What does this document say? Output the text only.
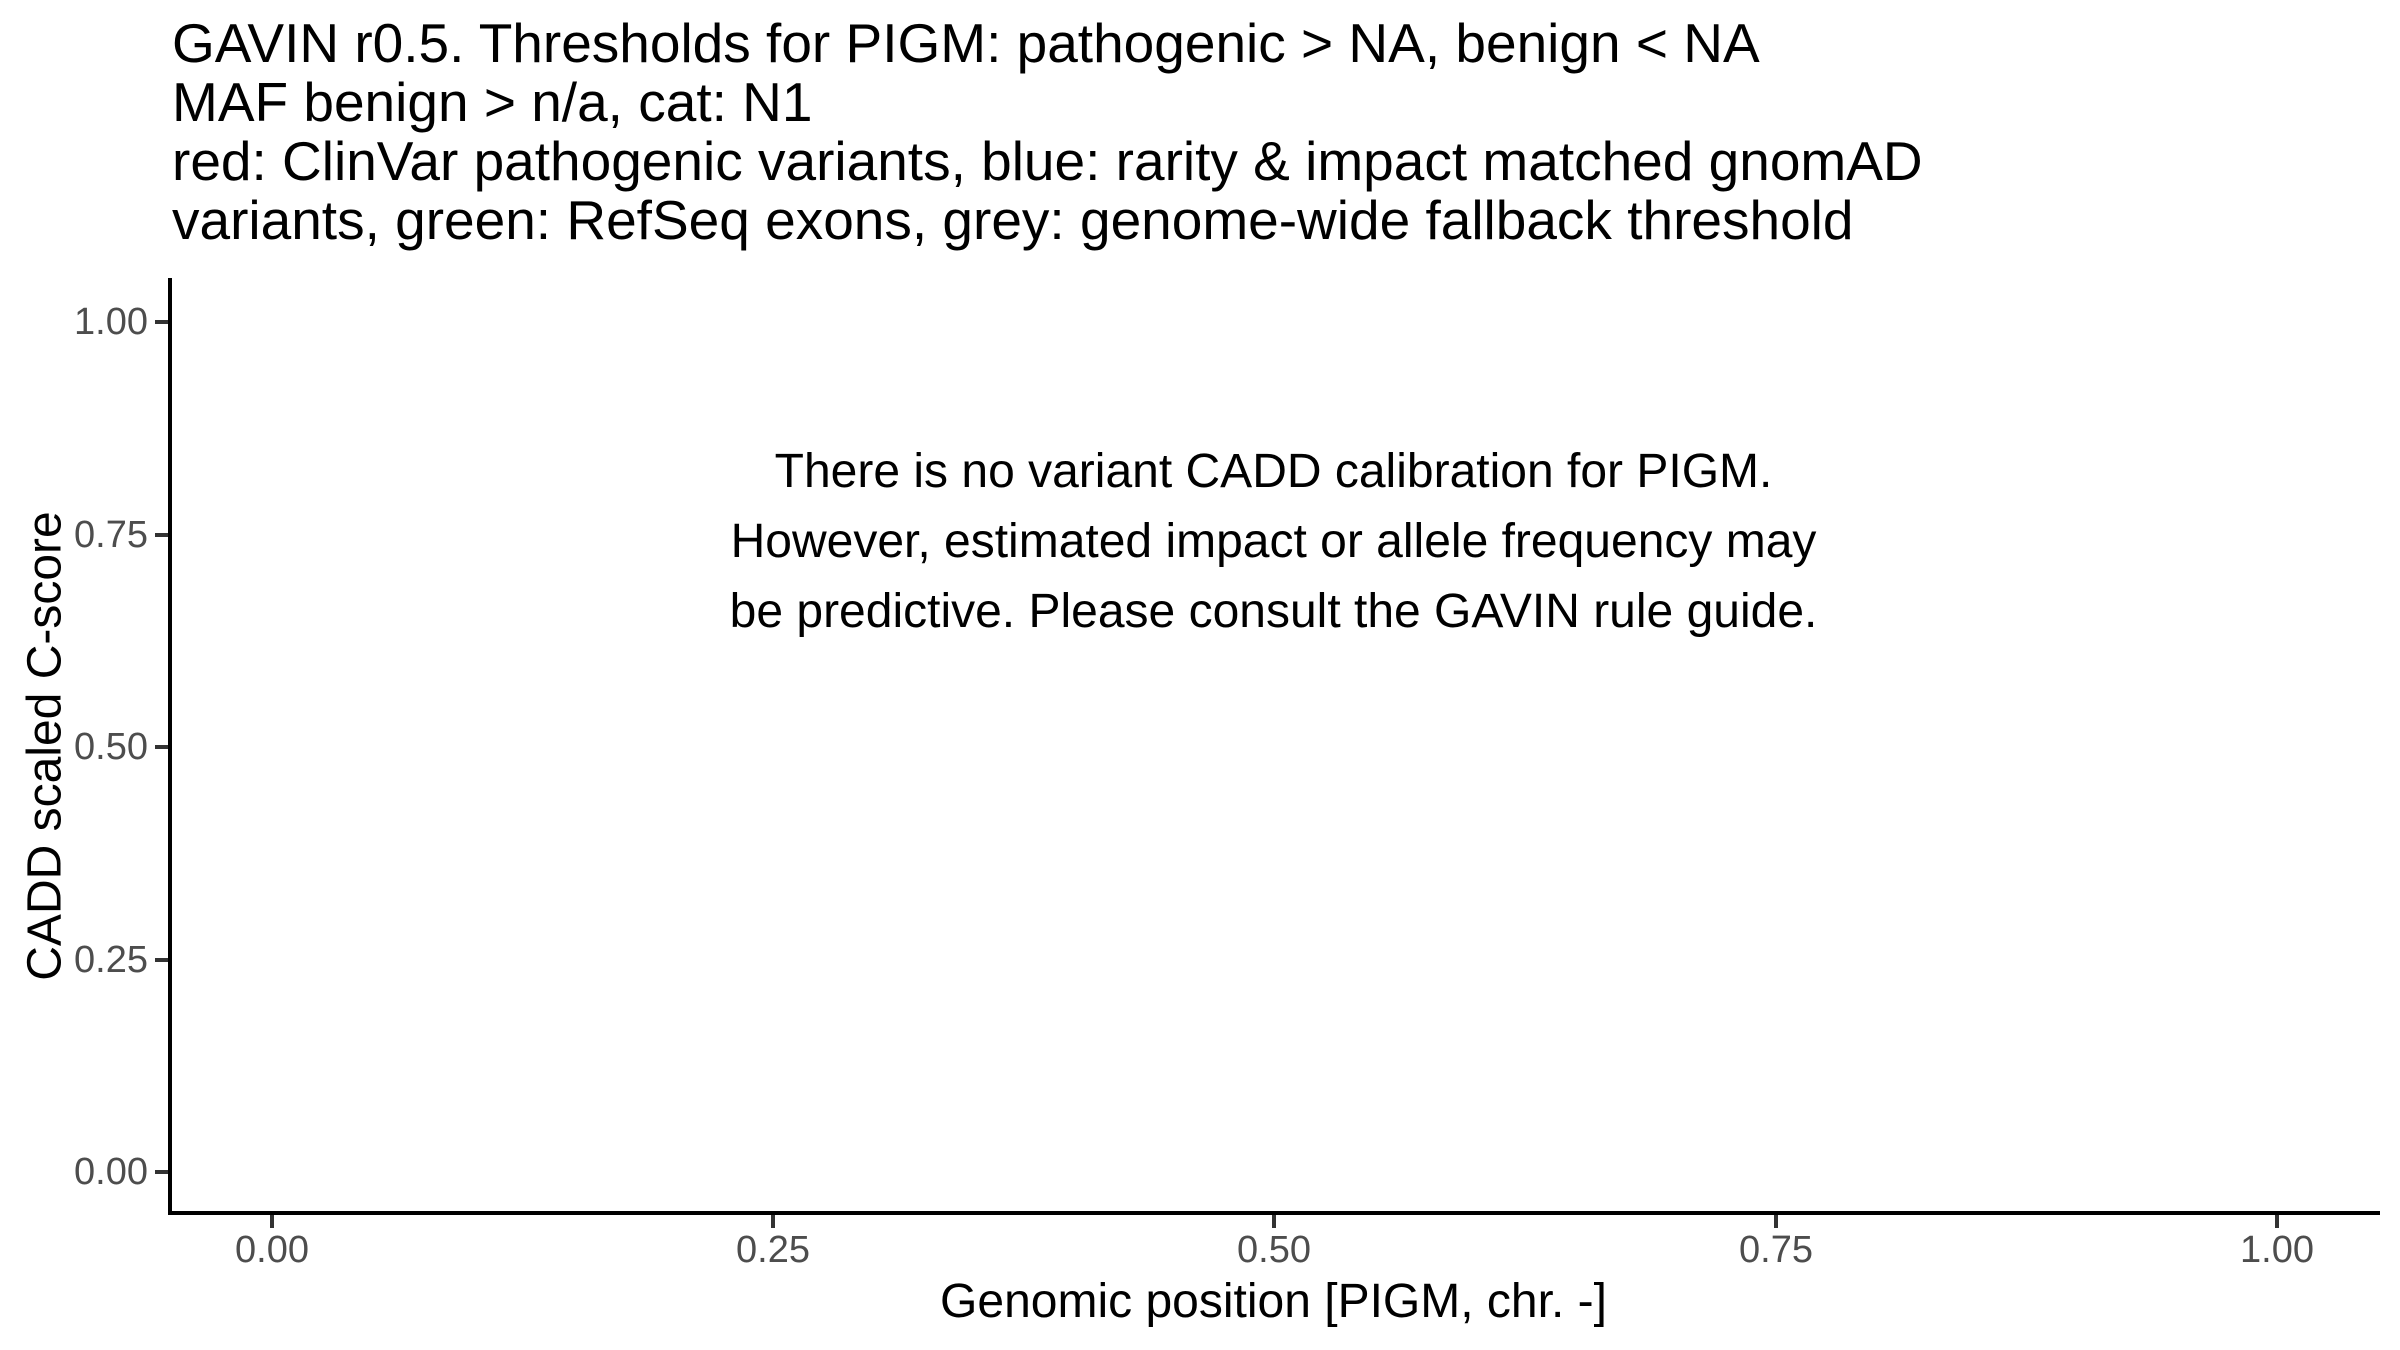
GAVIN r0.5. Thresholds for PIGM: pathogenic > NA, benign < NA
MAF benign > n/a, cat: N1
red: ClinVar pathogenic variants, blue: rarity & impact matched gnomAD
variants, green: RefSeq exons, grey: genome-wide fallback threshold
CADD scaled C-score
There is no variant CADD calibration for PIGM.
However, estimated impact or allele frequency may
be predictive. Please consult the GAVIN rule guide.
1.00
0.75
0.50
0.25
0.00
0.00	0.25	0.50	0.75	1.00
Genomic position [PIGM, chr. -]
